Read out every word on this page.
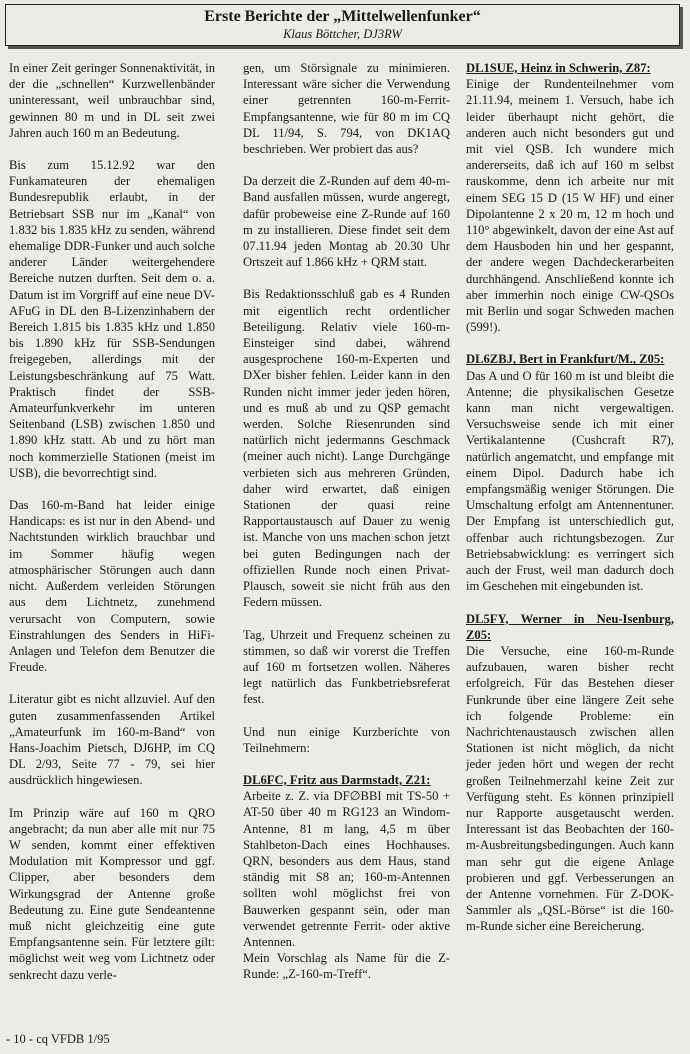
Erste Berichte der „Mittelwellenfunker“
Klaus Böttcher, DJ3RW

In einer Zeit geringer Sonnenaktivität, in der die „schnellen“ Kurzwellenbänder uninteressant, weil unbrauchbar sind, gewinnen 80 m und in DL seit zwei Jahren auch 160 m an Bedeutung.

Bis zum 15.12.92 war den Funkamateuren der ehemaligen Bundesrepublik erlaubt, in der Betriebsart SSB nur im „Kanal“ von 1.832 bis 1.835 kHz zu senden, während ehemalige DDR-Funker und auch solche anderer Länder weitergehendere Bereiche nutzen durften. Seit dem o. a. Datum ist im Vorgriff auf eine neue DV-AFuG in DL den B-Lizenzinhabern der Bereich 1.815 bis 1.835 kHz und 1.850 bis 1.890 kHz für SSB-Sendungen freigegeben, allerdings mit der Leistungsbeschränkung auf 75 Watt. Praktisch findet der SSB-Amateurfunkverkehr im unteren Seitenband (LSB) zwischen 1.850 und 1.890 kHz statt. Ab und zu hört man noch kommerzielle Stationen (meist im USB), die bevorrechtigt sind.

Das 160-m-Band hat leider einige Handicaps: es ist nur in den Abend- und Nachtstunden wirklich brauchbar und im Sommer häufig wegen atmosphärischer Störungen auch dann nicht. Außerdem verleiden Störungen aus dem Lichtnetz, zunehmend verursacht von Computern, sowie Einstrahlungen des Senders in HiFi-Anlagen und Telefon dem Benutzer die Freude.

Literatur gibt es nicht allzuviel. Auf den guten zusammenfassenden Artikel „Amateurfunk im 160-m-Band“ von Hans-Joachim Pietsch, DJ6HP, im CQ DL 2/93, Seite 77 - 79, sei hier ausdrücklich hingewiesen.

Im Prinzip wäre auf 160 m QRO angebracht; da nun aber alle mit nur 75 W senden, kommt einer effektiven Modulation mit Kompressor und ggf. Clipper, aber besonders dem Wirkungsgrad der Antenne große Bedeutung zu. Eine gute Sendeantenne muß nicht gleichzeitig eine gute Empfangsantenne sein. Für letztere gilt: möglichst weit weg vom Lichtnetz oder senkrecht dazu verle-

gen, um Störsignale zu minimieren. Interessant wäre sicher die Verwendung einer getrennten 160-m-Ferrit-Empfangsantenne, wie für 80 m im CQ DL 11/94, S. 794, von DK1AQ beschrieben. Wer probiert das aus?

Da derzeit die Z-Runden auf dem 40-m-Band ausfallen müssen, wurde angeregt, dafür probeweise eine Z-Runde auf 160 m zu installieren. Diese findet seit dem 07.11.94 jeden Montag ab 20.30 Uhr Ortszeit auf 1.866 kHz + QRM statt.

Bis Redaktionsschluß gab es 4 Runden mit eigentlich recht ordentlicher Beteiligung. Relativ viele 160-m-Einsteiger sind dabei, während ausgesprochene 160-m-Experten und DXer bisher fehlen. Leider kann in den Runden nicht immer jeder jeden hören, und es muß ab und zu QSP gemacht werden. Solche Riesenrunden sind natürlich nicht jedermanns Geschmack (meiner auch nicht). Lange Durchgänge verbieten sich aus mehreren Gründen, daher wird erwartet, daß einigen Stationen der quasi reine Rapportaustausch auf Dauer zu wenig ist. Manche von uns machen schon jetzt bei guten Bedingungen nach der offiziellen Runde noch einen Privat-Plausch, soweit sie nicht früh aus den Federn müssen.

Tag, Uhrzeit und Frequenz scheinen zu stimmen, so daß wir vorerst die Treffen auf 160 m fortsetzen wollen. Näheres legt natürlich das Funkbetriebsreferat fest.

Und nun einige Kurzberichte von Teilnehmern:

DL6FC, Fritz aus Darmstadt, Z21:

Arbeite z. Z. via DF∅BBI mit TS-50 + AT-50 über 40 m RG123 an Windom-Antenne, 81 m lang, 4,5 m über Stahlbeton-Dach eines Hochhauses. QRN, besonders aus dem Haus, stand ständig mit S8 an; 160-m-Antennen sollten wohl möglichst frei von Bauwerken gespannt sein, oder man verwendet getrennte Ferrit- oder aktive Antennen.

Mein Vorschlag als Name für die Z-Runde: „Z-160-m-Treff“.

DL1SUE, Heinz in Schwerin, Z87:

Einige der Rundenteilnehmer vom 21.11.94, meinem 1. Versuch, habe ich leider überhaupt nicht gehört, die anderen auch nicht besonders gut und mit viel QSB. Ich wundere mich andererseits, daß ich auf 160 m selbst rauskomme, denn ich arbeite nur mit einem SEG 15 D (15 W HF) und einer Dipolantenne 2 x 20 m, 12 m hoch und 110° abgewinkelt, davon der eine Ast auf dem Hausboden hin und her gespannt, der andere wegen Dachdeckerarbeiten durchhängend. Anschließend konnte ich aber immerhin noch einige CW-QSOs mit Berlin und sogar Schweden machen (599!).

DL6ZBJ, Bert in Frankfurt/M., Z05:

Das A und O für 160 m ist und bleibt die Antenne; die physikalischen Gesetze kann man nicht vergewaltigen. Versuchsweise sende ich mit einer Vertikalantenne (Cushcraft R7), natürlich angematcht, und empfange mit einem Dipol. Dadurch habe ich empfangsmäßig weniger Störungen. Die Umschaltung erfolgt am Antennentuner. Der Empfang ist unterschiedlich gut, offenbar auch richtungsbezogen. Zur Betriebsabwicklung: es verringert sich auch der Frust, weil man dadurch doch im Geschehen mit eingebunden ist.

DL5FY, Werner in Neu-Isenburg, Z05:

Die Versuche, eine 160-m-Runde aufzubauen, waren bisher recht erfolgreich. Für das Bestehen dieser Funkrunde über eine längere Zeit sehe ich folgende Probleme: ein Nachrichtenaustausch zwischen allen Stationen ist nicht möglich, da nicht jeder jeden hört und wegen der recht großen Teilnehmerzahl keine Zeit zur Verfügung steht. Es können prinzipiell nur Rapporte ausgetauscht werden. Interessant ist das Beobachten der 160-m-Ausbreitungsbedingungen. Auch kann man sehr gut die eigene Anlage probieren und ggf. Verbesserungen an der Antenne vornehmen. Für Z-DOK-Sammler als „QSL-Börse“ ist die 160-m-Runde sicher eine Bereicherung.

- 10 - cq VFDB 1/95
